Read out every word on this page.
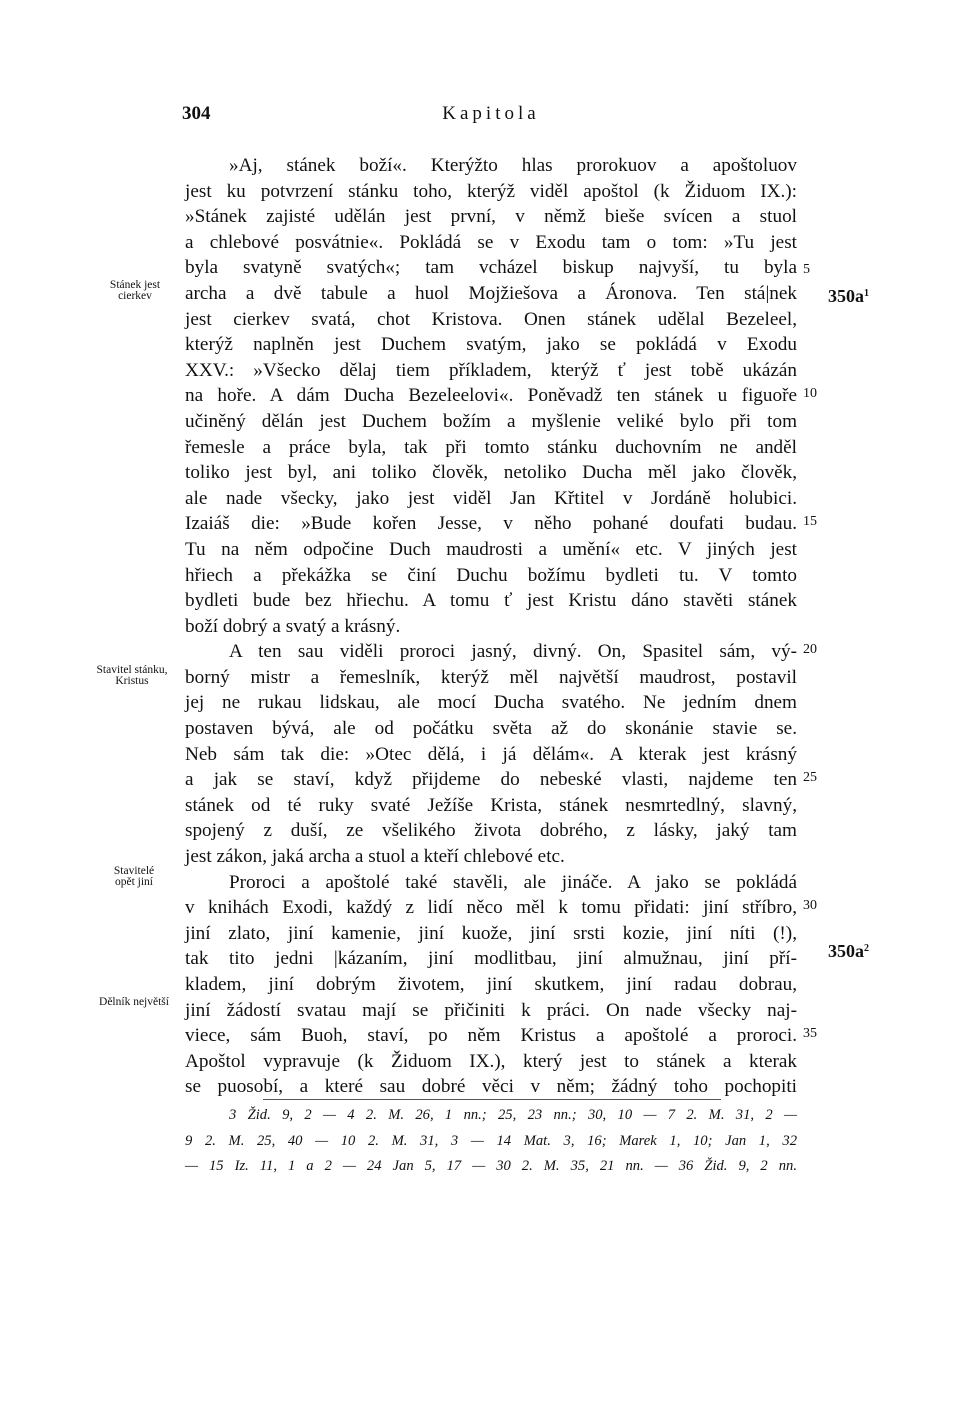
304	Kapitola
»Aj, stánek boží«. Kterýžto hlas prorokuov a apoštoluov
jest ku potvrzení stánku toho, kterýž viděl apoštol (k Židuom IX.):
»Stánek zajisté udělán jest první, v němž bieše svícen a stuol
a chlebové posvátnie«. Pokládá se v Exodu tam o tom: »Tu jest
byla svatyně svatých«; tam vcházel biskup najvyší, tu byla
archa a dvě tabule a huol Mojžiešova a Áronova. Ten stá|nek
jest cierkev svatá, chot Kristova. Onen stánek udělal Bezeleel,
kterýž naplněn jest Duchem svatým, jako se pokládá v Exodu
XXV.: »Všecko dělaj tiem příkladem, kterýž ť jest tobě ukázán
na hoře. A dám Ducha Bezeleelovi«. Poněvadž ten stánek u figuoře
učiněný dělán jest Duchem božím a myšlenie veliké bylo při tom
řemesle a práce byla, tak při tomto stánku duchovním ne anděl
toliko jest byl, ani toliko člověk, netoliko Ducha měl jako člověk,
ale nade všecky, jako jest viděl Jan Křtitel v Jordáně holubici.
Izaiáš die: »Bude kořen Jesse, v něho pohané doufati budau.
Tu na něm odpočine Duch maudrosti a umění« etc. V jiných jest
hřiech a překážka se činí Duchu božímu bydleti tu. V tomto
bydleti bude bez hřiechu. A tomu ť jest Kristu dáno stavěti stánek
boží dobrý a svatý a krásný.
A ten sau viděli proroci jasný, divný. On, Spasitel sám, vý-
borný mistr a řemeslník, kterýž měl najvětší maudrost, postavil
jej ne rukau lidskau, ale mocí Ducha svatého. Ne jedním dnem
postaven bývá, ale od počátku světa až do skonánie stavie se.
Neb sám tak die: »Otec dělá, i já dělám«. A kterak jest krásný
a jak se staví, když přijdeme do nebeské vlasti, najdeme ten
stánek od té ruky svaté Ježíše Krista, stánek nesmrtedlný, slavný,
spojený z duší, ze všelikého života dobrého, z lásky, jaký tam
jest zákon, jaká archa a stuol a kteří chlebové etc.
Proroci a apoštolé také stavěli, ale jináče. A jako se pokládá
v knihách Exodi, každý z lidí něco měl k tomu přidati: jiní stříbro,
jiní zlato, jiní kamenie, jiní kuože, jiní srsti kozie, jiní níti (!),
tak tito jedni |kázaním, jiní modlitbau, jiní almužnau, jiní pří-
kladem, jiní dobrým životem, jiní skutkem, jiní radau dobrau,
jiní žádostí svatau mají se přičiniti k práci. On nade všecky naj-
viece, sám Buoh, staví, po něm Kristus a apoštolé a proroci.
Apoštol vypravuje (k Židuom IX.), který jest to stánek a kterak
se puosobí, a které sau dobré věci v něm; žádný toho pochopiti
5
10
15
20
25
30
35
Stánek jest
cierkev
Stavitel stánku,
Kristus
Stavitelé
opět jiní
Dělník největší
$350a^1$
$350a^2$
3 Žid. 9, 2 — 4 2. M. 26, 1 nn.; 25, 23 nn.; 30, 10 — 7 2. M. 31, 2 —
9 2. M. 25, 40 — 10 2. M. 31, 3 — 14 Mat. 3, 16; Marek 1, 10; Jan 1, 32
— 15 Iz. 11, 1 a 2 — 24 Jan 5, 17 — 30 2. M. 35, 21 nn. — 36 Žid. 9, 2 nn.
